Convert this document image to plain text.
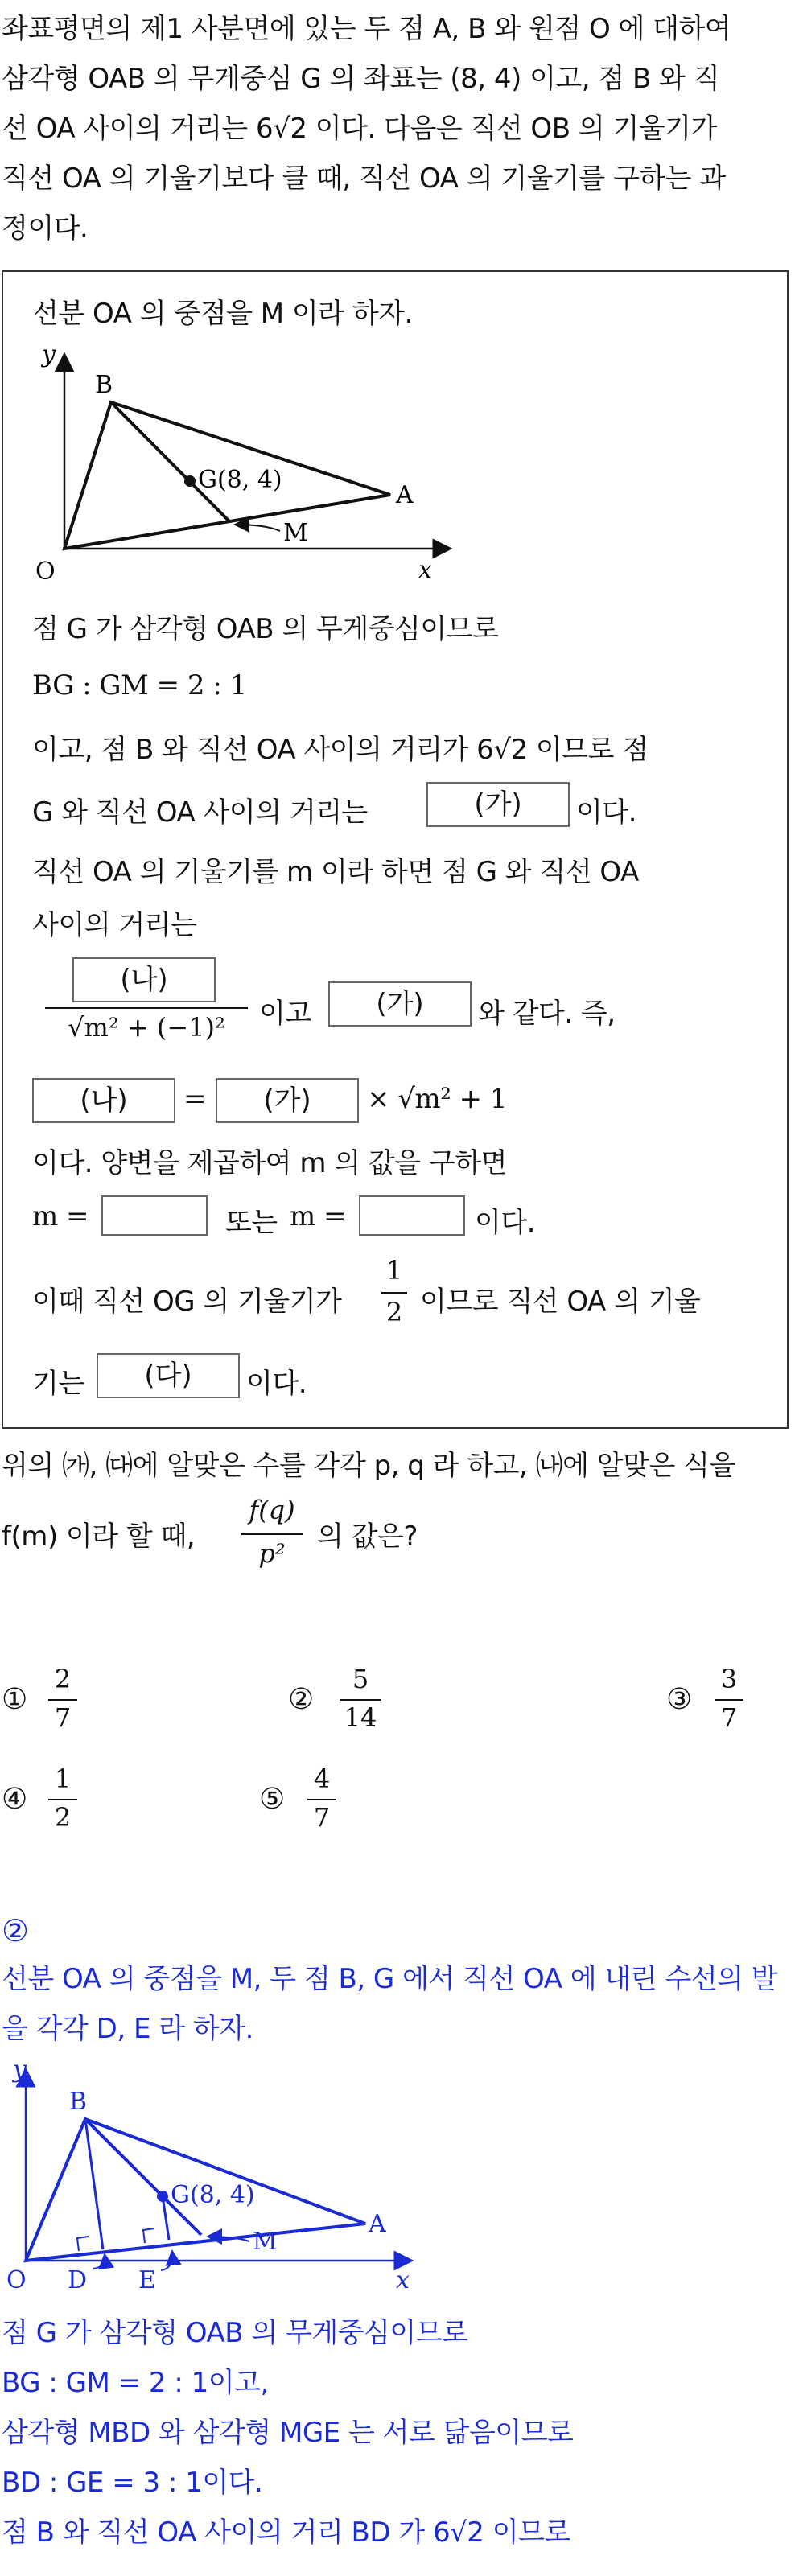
좌표평면의 제1 사분면에 있는 두 점 A, B 와 원점 O 에 대하여
삼각형 OAB 의 무게중심 G 의 좌표는 (8, 4) 이고, 점 B 와 직
선 OA 사이의 거리는 6√2 이다. 다음은 직선 OB 의 기울기가
직선 OA 의 기울기보다 클 때, 직선 OA 의 기울기를 구하는 과
정이다.
선분 OA 의 중점을 M 이라 하자.
y
x
B
A
O
M
G(8, 4)
점 G 가 삼각형 OAB 의 무게중심이므로
BG : GM = 2 : 1
이고, 점 B 와 직선 OA 사이의 거리가 6√2 이므로 점
G 와 직선 OA 사이의 거리는	(가)	이다.
직선 OA 의 기울기를 m 이라 하면 점 G 와 직선 OA
사이의 거리는
(나)
√m² + (−1)²	이고	(가)	와 같다. 즉,
(나)	=	(가)	× √m² + 1
이다. 양변을 제곱하여 m 의 값을 구하면
m =	또는 m =	이다.
이때 직선 OG 의 기울기가
1
2 이므로 직선 OA 의 기울
기는	(다)	이다.
위의 ㈎, ㈐에 알맞은 수를 각각 p, q 라 하고, ㈏에 알맞은 식을
f(m) 이라 할 때,
f(q)
p²
의 값은?
①
2
7
②
5
14
③
3
7
④
1
2
⑤
4
7
②
선분 OA 의 중점을 M, 두 점 B, G 에서 직선 OA 에 내린 수선의 발
을 각각 D, E 라 하자.
y
x
B
A
O
M
G(8, 4)
D E
점 G 가 삼각형 OAB 의 무게중심이므로
BG : GM = 2 : 1이고,
삼각형 MBD 와 삼각형 MGE 는 서로 닮음이므로
BD : GE = 3 : 1이다.
점 B 와 직선 OA 사이의 거리 BD 가 6√2 이므로
